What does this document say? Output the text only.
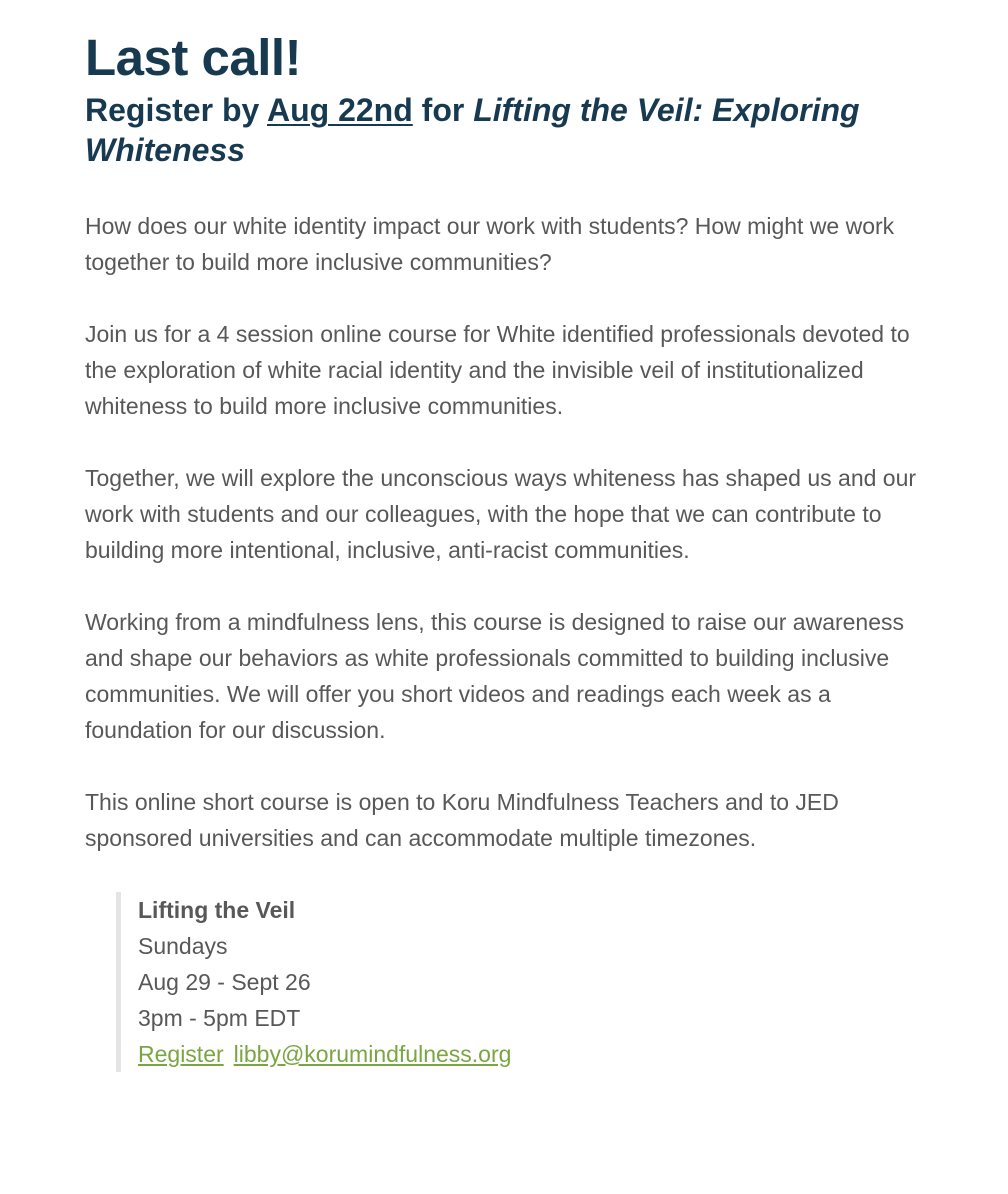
Last call!
Register by Aug 22nd for Lifting the Veil: Exploring Whiteness

How does our white identity impact our work with students? How might we work together to build more inclusive communities?

Join us for a 4 session online course for White identified professionals devoted to the exploration of white racial identity and the invisible veil of institutionalized whiteness to build more inclusive communities.

Together, we will explore the unconscious ways whiteness has shaped us and our work with students and our colleagues, with the hope that we can contribute to building more intentional, inclusive, anti-racist communities.

Working from a mindfulness lens, this course is designed to raise our awareness and shape our behaviors as white professionals committed to building inclusive communities. We will offer you short videos and readings each week as a foundation for our discussion.

This online short course is open to Koru Mindfulness Teachers and to JED sponsored universities and can accommodate multiple timezones.

Lifting the Veil
Sundays
Aug 29 - Sept 26
3pm - 5pm EDT
Register libby@korumindfulness.org
